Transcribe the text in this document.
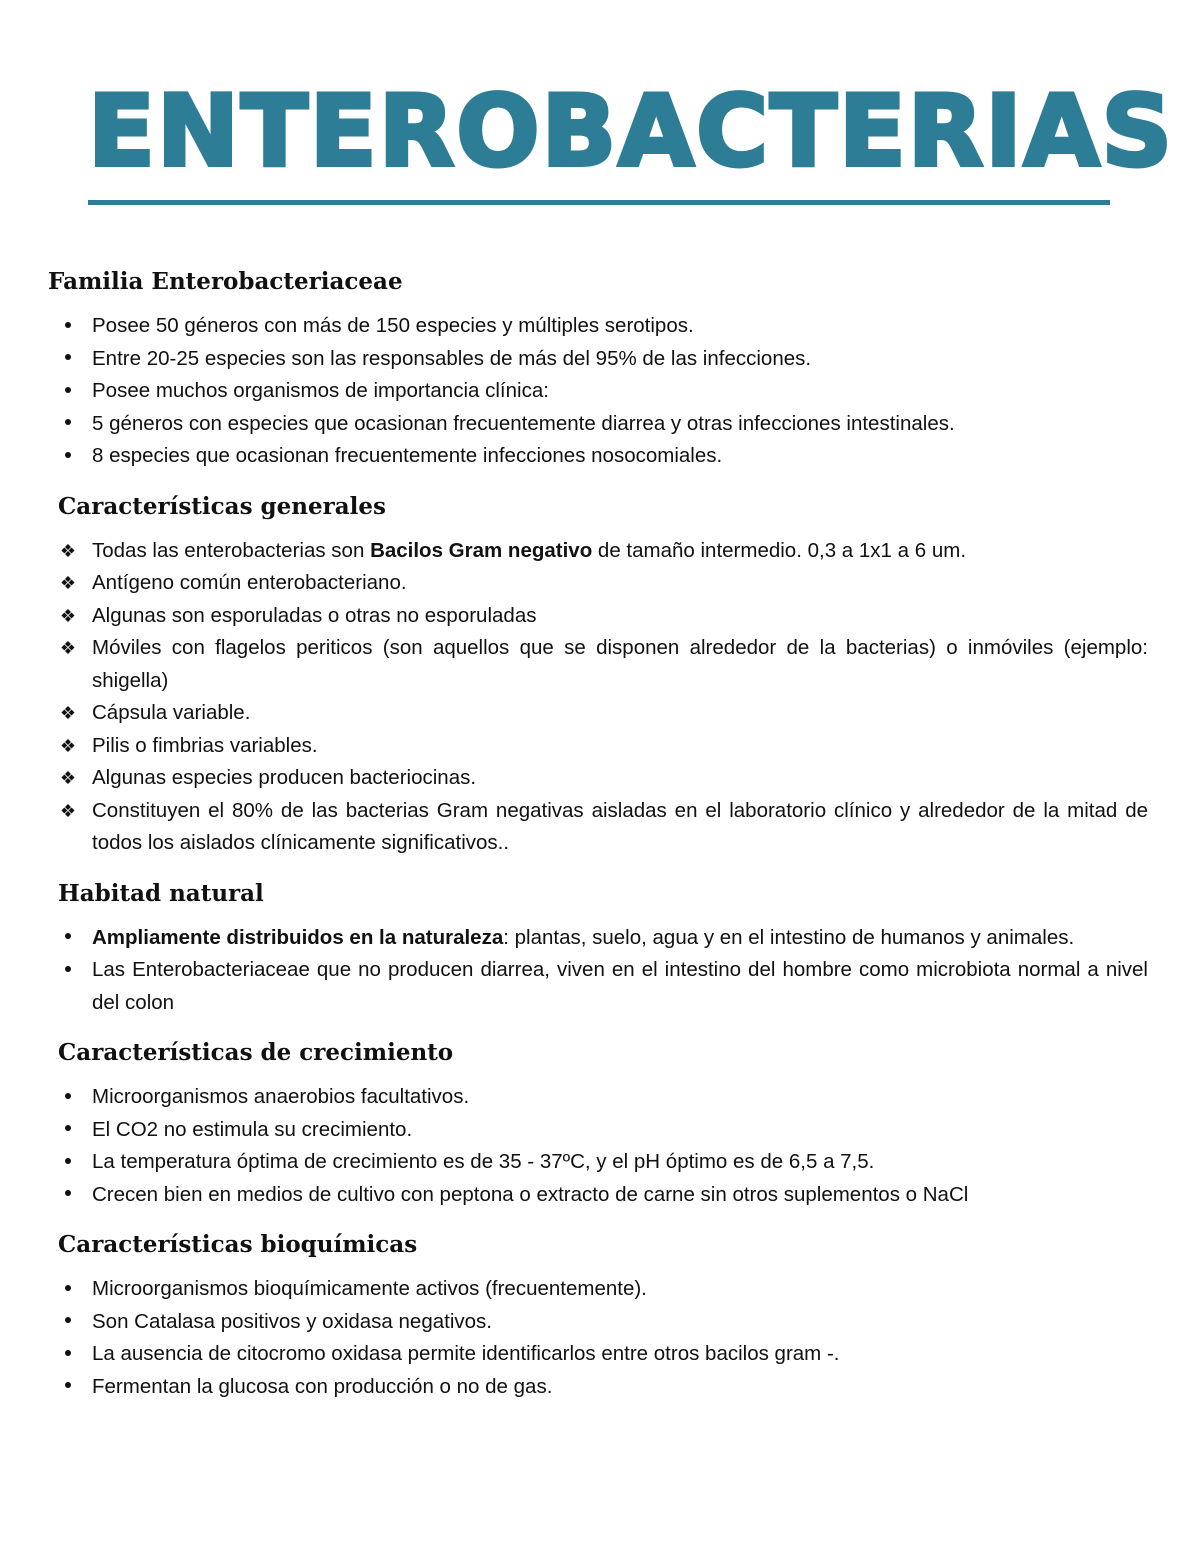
ENTEROBACTERIAS
Familia Enterobacteriaceae
Posee 50 géneros con más de 150 especies y múltiples serotipos.
Entre 20-25 especies son las responsables de más del 95% de las infecciones.
Posee muchos organismos de importancia clínica:
5 géneros con especies que ocasionan frecuentemente diarrea y otras infecciones intestinales.
8 especies que ocasionan frecuentemente infecciones nosocomiales.
Características generales
❖ Todas las enterobacterias son Bacilos Gram negativo de tamaño intermedio. 0,3 a 1x1 a 6 um.
❖ Antígeno común enterobacteriano.
❖ Algunas son esporuladas o otras no esporuladas
❖ Móviles con flagelos periticos (son aquellos que se disponen alrededor de la bacterias) o inmóviles (ejemplo: shigella)
❖ Cápsula variable.
❖ Pilis o fimbrias variables.
❖ Algunas especies producen bacteriocinas.
❖ Constituyen el 80% de las bacterias Gram negativas aisladas en el laboratorio clínico y alrededor de la mitad de todos los aislados clínicamente significativos..
Habitad natural
Ampliamente distribuidos en la naturaleza: plantas, suelo, agua y en el intestino de humanos y animales.
Las Enterobacteriaceae que no producen diarrea, viven en el intestino del hombre como microbiota normal a nivel del colon
Características de crecimiento
Microorganismos anaerobios facultativos.
El CO2 no estimula su crecimiento.
La temperatura óptima de crecimiento es de 35 - 37ºC, y el pH óptimo es de 6,5 a 7,5.
Crecen bien en medios de cultivo con peptona o extracto de carne sin otros suplementos o NaCl
Características bioquímicas
Microorganismos bioquímicamente activos (frecuentemente).
Son Catalasa positivos y oxidasa negativos.
La ausencia de citocromo oxidasa permite identificarlos entre otros bacilos gram -.
Fermentan la glucosa con producción o no de gas.
